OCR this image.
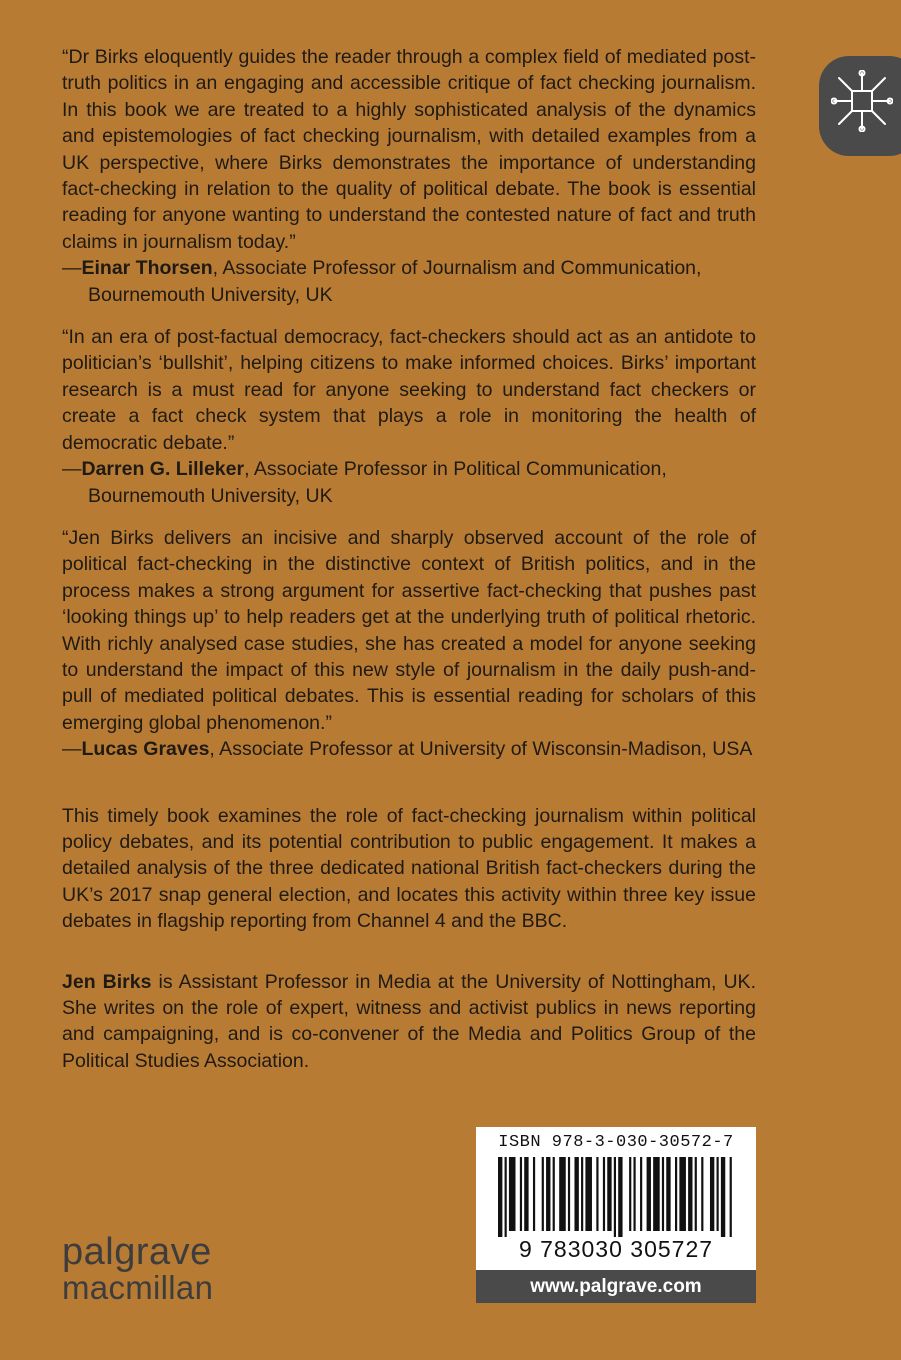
“Dr Birks eloquently guides the reader through a complex field of mediated post-truth politics in an engaging and accessible critique of fact checking journalism. In this book we are treated to a highly sophisticated analysis of the dynamics and epistemologies of fact checking journalism, with detailed examples from a UK perspective, where Birks demonstrates the importance of understanding fact-checking in relation to the quality of political debate. The book is essential reading for anyone wanting to understand the contested nature of fact and truth claims in journalism today.”

—Einar Thorsen, Associate Professor of Journalism and Communication,
Bournemouth University, UK

“In an era of post-factual democracy, fact-checkers should act as an antidote to politician’s ‘bullshit’, helping citizens to make informed choices. Birks’ important research is a must read for anyone seeking to understand fact checkers or create a fact check system that plays a role in monitoring the health of democratic debate.”

—Darren G. Lilleker, Associate Professor in Political Communication,
Bournemouth University, UK

“Jen Birks delivers an incisive and sharply observed account of the role of political fact-checking in the distinctive context of British politics, and in the process makes a strong argument for assertive fact-checking that pushes past ‘looking things up’ to help readers get at the underlying truth of political rhetoric. With richly analysed case studies, she has created a model for anyone seeking to understand the impact of this new style of journalism in the daily push-and-pull of mediated political debates. This is essential reading for scholars of this emerging global phenomenon.”

—Lucas Graves, Associate Professor at University of Wisconsin-Madison, USA

This timely book examines the role of fact-checking journalism within political policy debates, and its potential contribution to public engagement. It makes a detailed analysis of the three dedicated national British fact-checkers during the UK’s 2017 snap general election, and locates this activity within three key issue debates in flagship reporting from Channel 4 and the BBC.

Jen Birks is Assistant Professor in Media at the University of Nottingham, UK. She writes on the role of expert, witness and activist publics in news reporting and campaigning, and is co-convener of the Media and Politics Group of the Political Studies Association.

ISBN 978-3-030-30572-7
9 783030 305727
www.palgrave.com
palgrave
macmillan
